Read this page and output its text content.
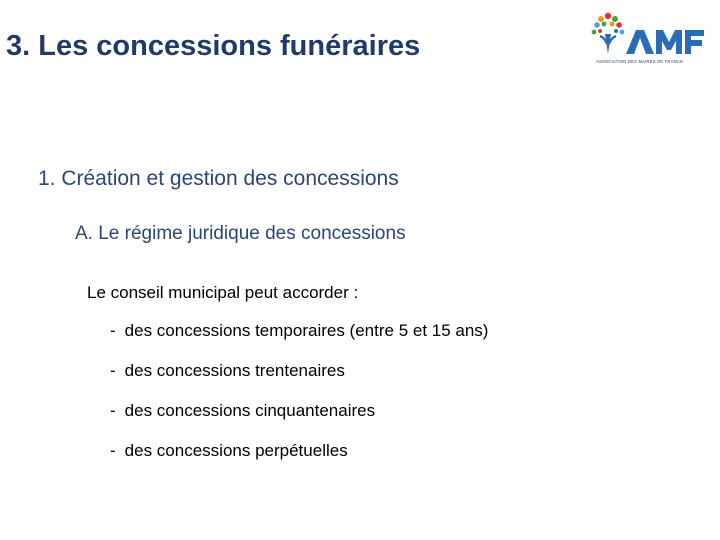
3. Les concessions funéraires	ASSOCIATION DES MAIRES DE FRANCE
1. Création et gestion des concessions
A. Le régime juridique des concessions
Le conseil municipal peut accorder :
- des concessions temporaires (entre 5 et 15 ans)
- des concessions trentenaires
- des concessions cinquantenaires
- des concessions perpétuelles
